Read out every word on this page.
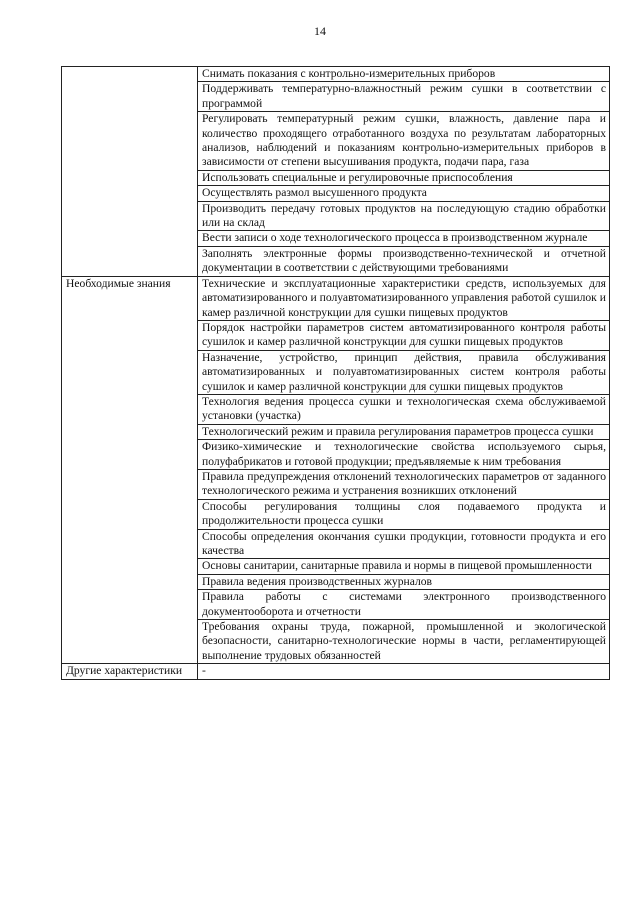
14
	Снимать показания с контрольно-измерительных приборов
	Поддерживать температурно-влажностный режим сушки в соответствии с программой
	Регулировать температурный режим сушки, влажность, давление пара и количество проходящего отработанного воздуха по результатам лабораторных анализов, наблюдений и показаниям контрольно-измерительных приборов в зависимости от степени высушивания продукта, подачи пара, газа
	Использовать специальные и регулировочные приспособления
	Осуществлять размол высушенного продукта
	Производить передачу готовых продуктов на последующую стадию обработки или на склад
	Вести записи о ходе технологического процесса в производственном журнале
	Заполнять электронные формы производственно-технической и отчетной документации в соответствии с действующими требованиями
Необходимые знания	Технические и эксплуатационные характеристики средств, используемых для автоматизированного и полуавтоматизированного управления работой сушилок и камер различной конструкции для сушки пищевых продуктов
	Порядок настройки параметров систем автоматизированного контроля работы сушилок и камер различной конструкции для сушки пищевых продуктов
	Назначение, устройство, принцип действия, правила обслуживания автоматизированных и полуавтоматизированных систем контроля работы сушилок и камер различной конструкции для сушки пищевых продуктов
	Технология ведения процесса сушки и технологическая схема обслуживаемой установки (участка)
	Технологический режим и правила регулирования параметров процесса сушки
	Физико-химические и технологические свойства используемого сырья, полуфабрикатов и готовой продукции; предъявляемые к ним требования
	Правила предупреждения отклонений технологических параметров от заданного технологического режима и устранения возникших отклонений
	Способы регулирования толщины слоя подаваемого продукта и продолжительности процесса сушки
	Способы определения окончания сушки продукции, готовности продукта и его качества
	Основы санитарии, санитарные правила и нормы в пищевой промышленности
	Правила ведения производственных журналов
	Правила работы с системами электронного производственного документооборота и отчетности
	Требования охраны труда, пожарной, промышленной и экологической безопасности, санитарно-технологические нормы в части, регламентирующей выполнение трудовых обязанностей
Другие характеристики	-
